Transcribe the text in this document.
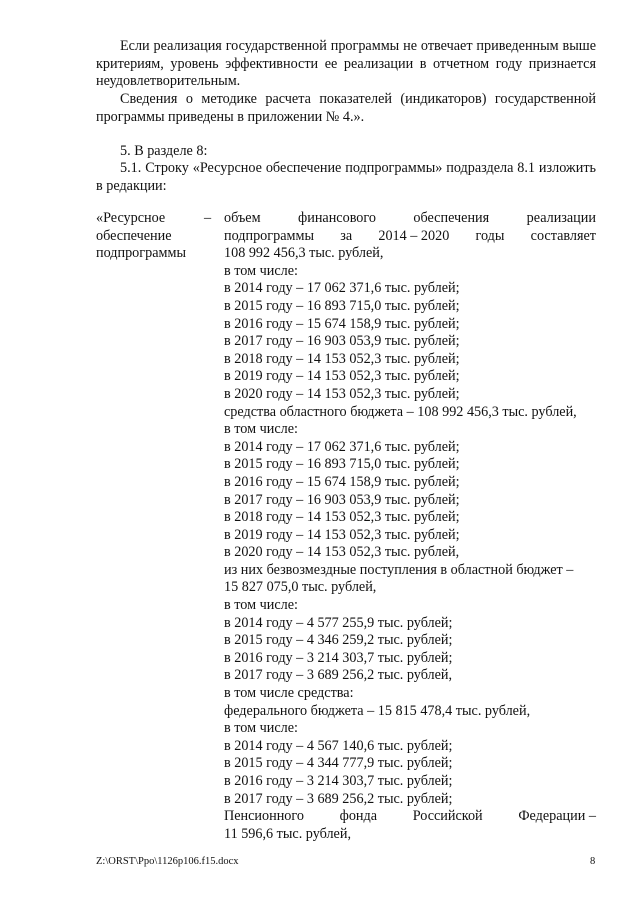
Если реализация государственной программы не отвечает приведенным выше критериям, уровень эффективности ее реализации в отчетном году признается неудовлетворительным.
Сведения о методике расчета показателей (индикаторов) государственной программы приведены в приложении № 4.».
5. В разделе 8:
5.1. Строку «Ресурсное обеспечение подпрограммы» подраздела 8.1 изложить в редакции:
«Ресурсное
обеспечение
подпрограммы
– объем	финансового	обеспечения	реализации
подпрограммы за 2014 – 2020 годы составляет
108 992 456,3 тыс. рублей,
в том числе:
в 2014 году – 17 062 371,6 тыс. рублей;
в 2015 году – 16 893 715,0 тыс. рублей;
в 2016 году – 15 674 158,9 тыс. рублей;
в 2017 году – 16 903 053,9 тыс. рублей;
в 2018 году – 14 153 052,3 тыс. рублей;
в 2019 году – 14 153 052,3 тыс. рублей;
в 2020 году – 14 153 052,3 тыс. рублей;
средства областного бюджета – 108 992 456,3 тыс. рублей,
в том числе:
в 2014 году – 17 062 371,6 тыс. рублей;
в 2015 году – 16 893 715,0 тыс. рублей;
в 2016 году – 15 674 158,9 тыс. рублей;
в 2017 году – 16 903 053,9 тыс. рублей;
в 2018 году – 14 153 052,3 тыс. рублей;
в 2019 году – 14 153 052,3 тыс. рублей;
в 2020 году – 14 153 052,3 тыс. рублей,
из них безвозмездные поступления в областной бюджет –
15 827 075,0 тыс. рублей,
в том числе:
в 2014 году – 4 577 255,9 тыс. рублей;
в 2015 году – 4 346 259,2 тыс. рублей;
в 2016 году – 3 214 303,7 тыс. рублей;
в 2017 году – 3 689 256,2 тыс. рублей,
в том числе средства:
федерального бюджета – 15 815 478,4 тыс. рублей,
в том числе:
в 2014 году – 4 567 140,6 тыс. рублей;
в 2015 году – 4 344 777,9 тыс. рублей;
в 2016 году – 3 214 303,7 тыс. рублей;
в 2017 году – 3 689 256,2 тыс. рублей;
Пенсионного	фонда	Российской	Федерации –
11 596,6 тыс. рублей,
Z:\ORST\Ppo\1126p106.f15.docx	8
